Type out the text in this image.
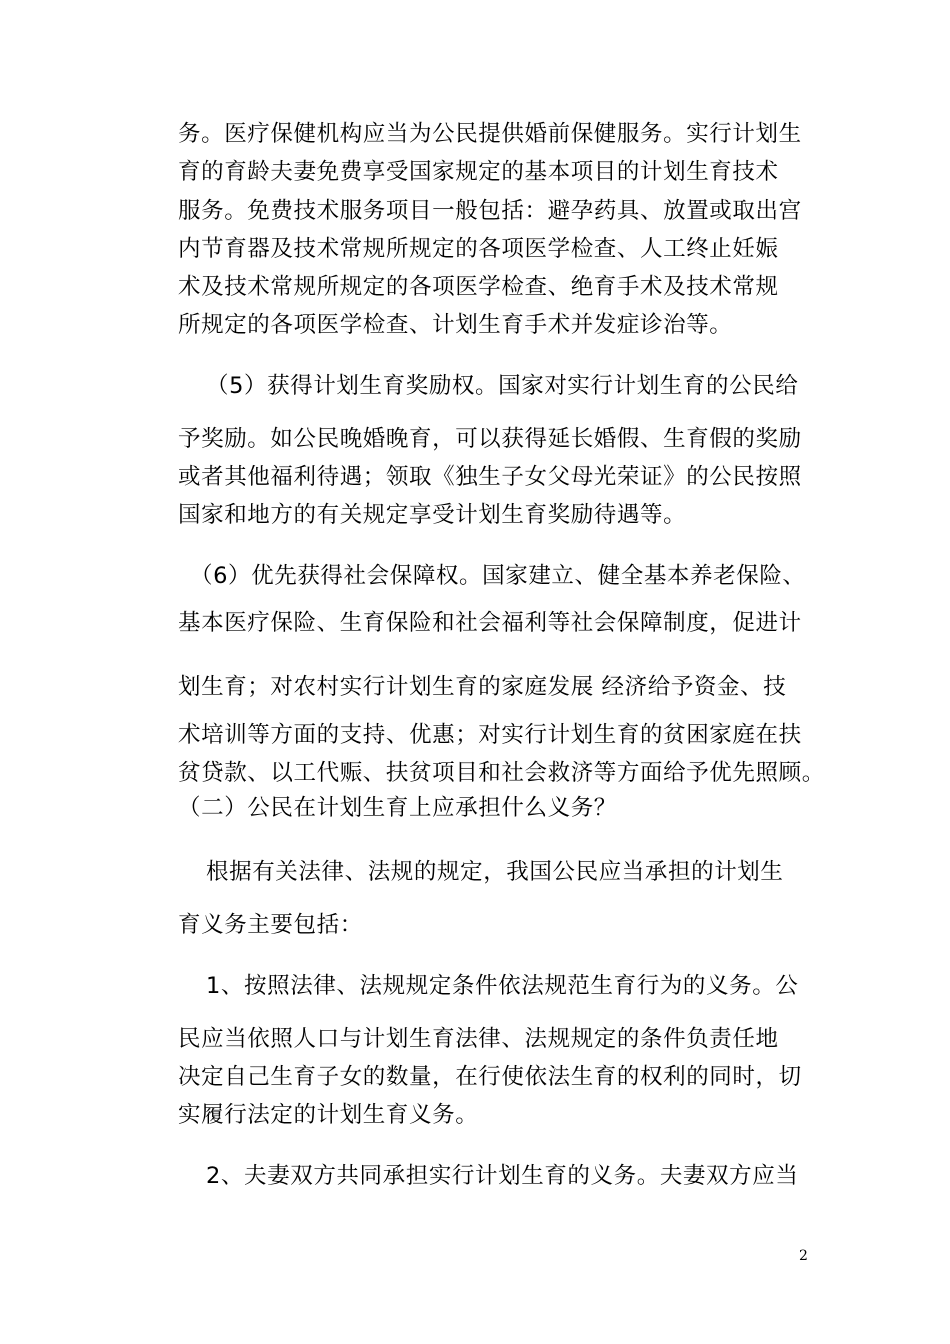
务。医疗保健机构应当为公民提供婚前保健服务。实行计划生
育的育龄夫妻免费享受国家规定的基本项目的计划生育技术
服务。免费技术服务项目一般包括：避孕药具、放置或取出宫
内节育器及技术常规所规定的各项医学检查、人工终止妊娠
术及技术常规所规定的各项医学检查、绝育手术及技术常规
所规定的各项医学检查、计划生育手术并发症诊治等。
（5）获得计划生育奖励权。国家对实行计划生育的公民给
予奖励。如公民晚婚晚育，可以获得延长婚假、生育假的奖励
或者其他福利待遇；领取《独生子女父母光荣证》的公民按照
国家和地方的有关规定享受计划生育奖励待遇等。
（6）优先获得社会保障权。国家建立、健全基本养老保险、
基本医疗保险、生育保险和社会福利等社会保障制度，促进计
划生育；对农村实行计划生育的家庭发展 经济给予资金、技
术培训等方面的支持、优惠；对实行计划生育的贫困家庭在扶
贫贷款、以工代赈、扶贫项目和社会救济等方面给予优先照顾。
（二）公民在计划生育上应承担什么义务？
根据有关法律、法规的规定，我国公民应当承担的计划生
育义务主要包括：
1、按照法律、法规规定条件依法规范生育行为的义务。公
民应当依照人口与计划生育法律、法规规定的条件负责任地
决定自己生育子女的数量，在行使依法生育的权利的同时，切
实履行法定的计划生育义务。
2、夫妻双方共同承担实行计划生育的义务。夫妻双方应当
2
